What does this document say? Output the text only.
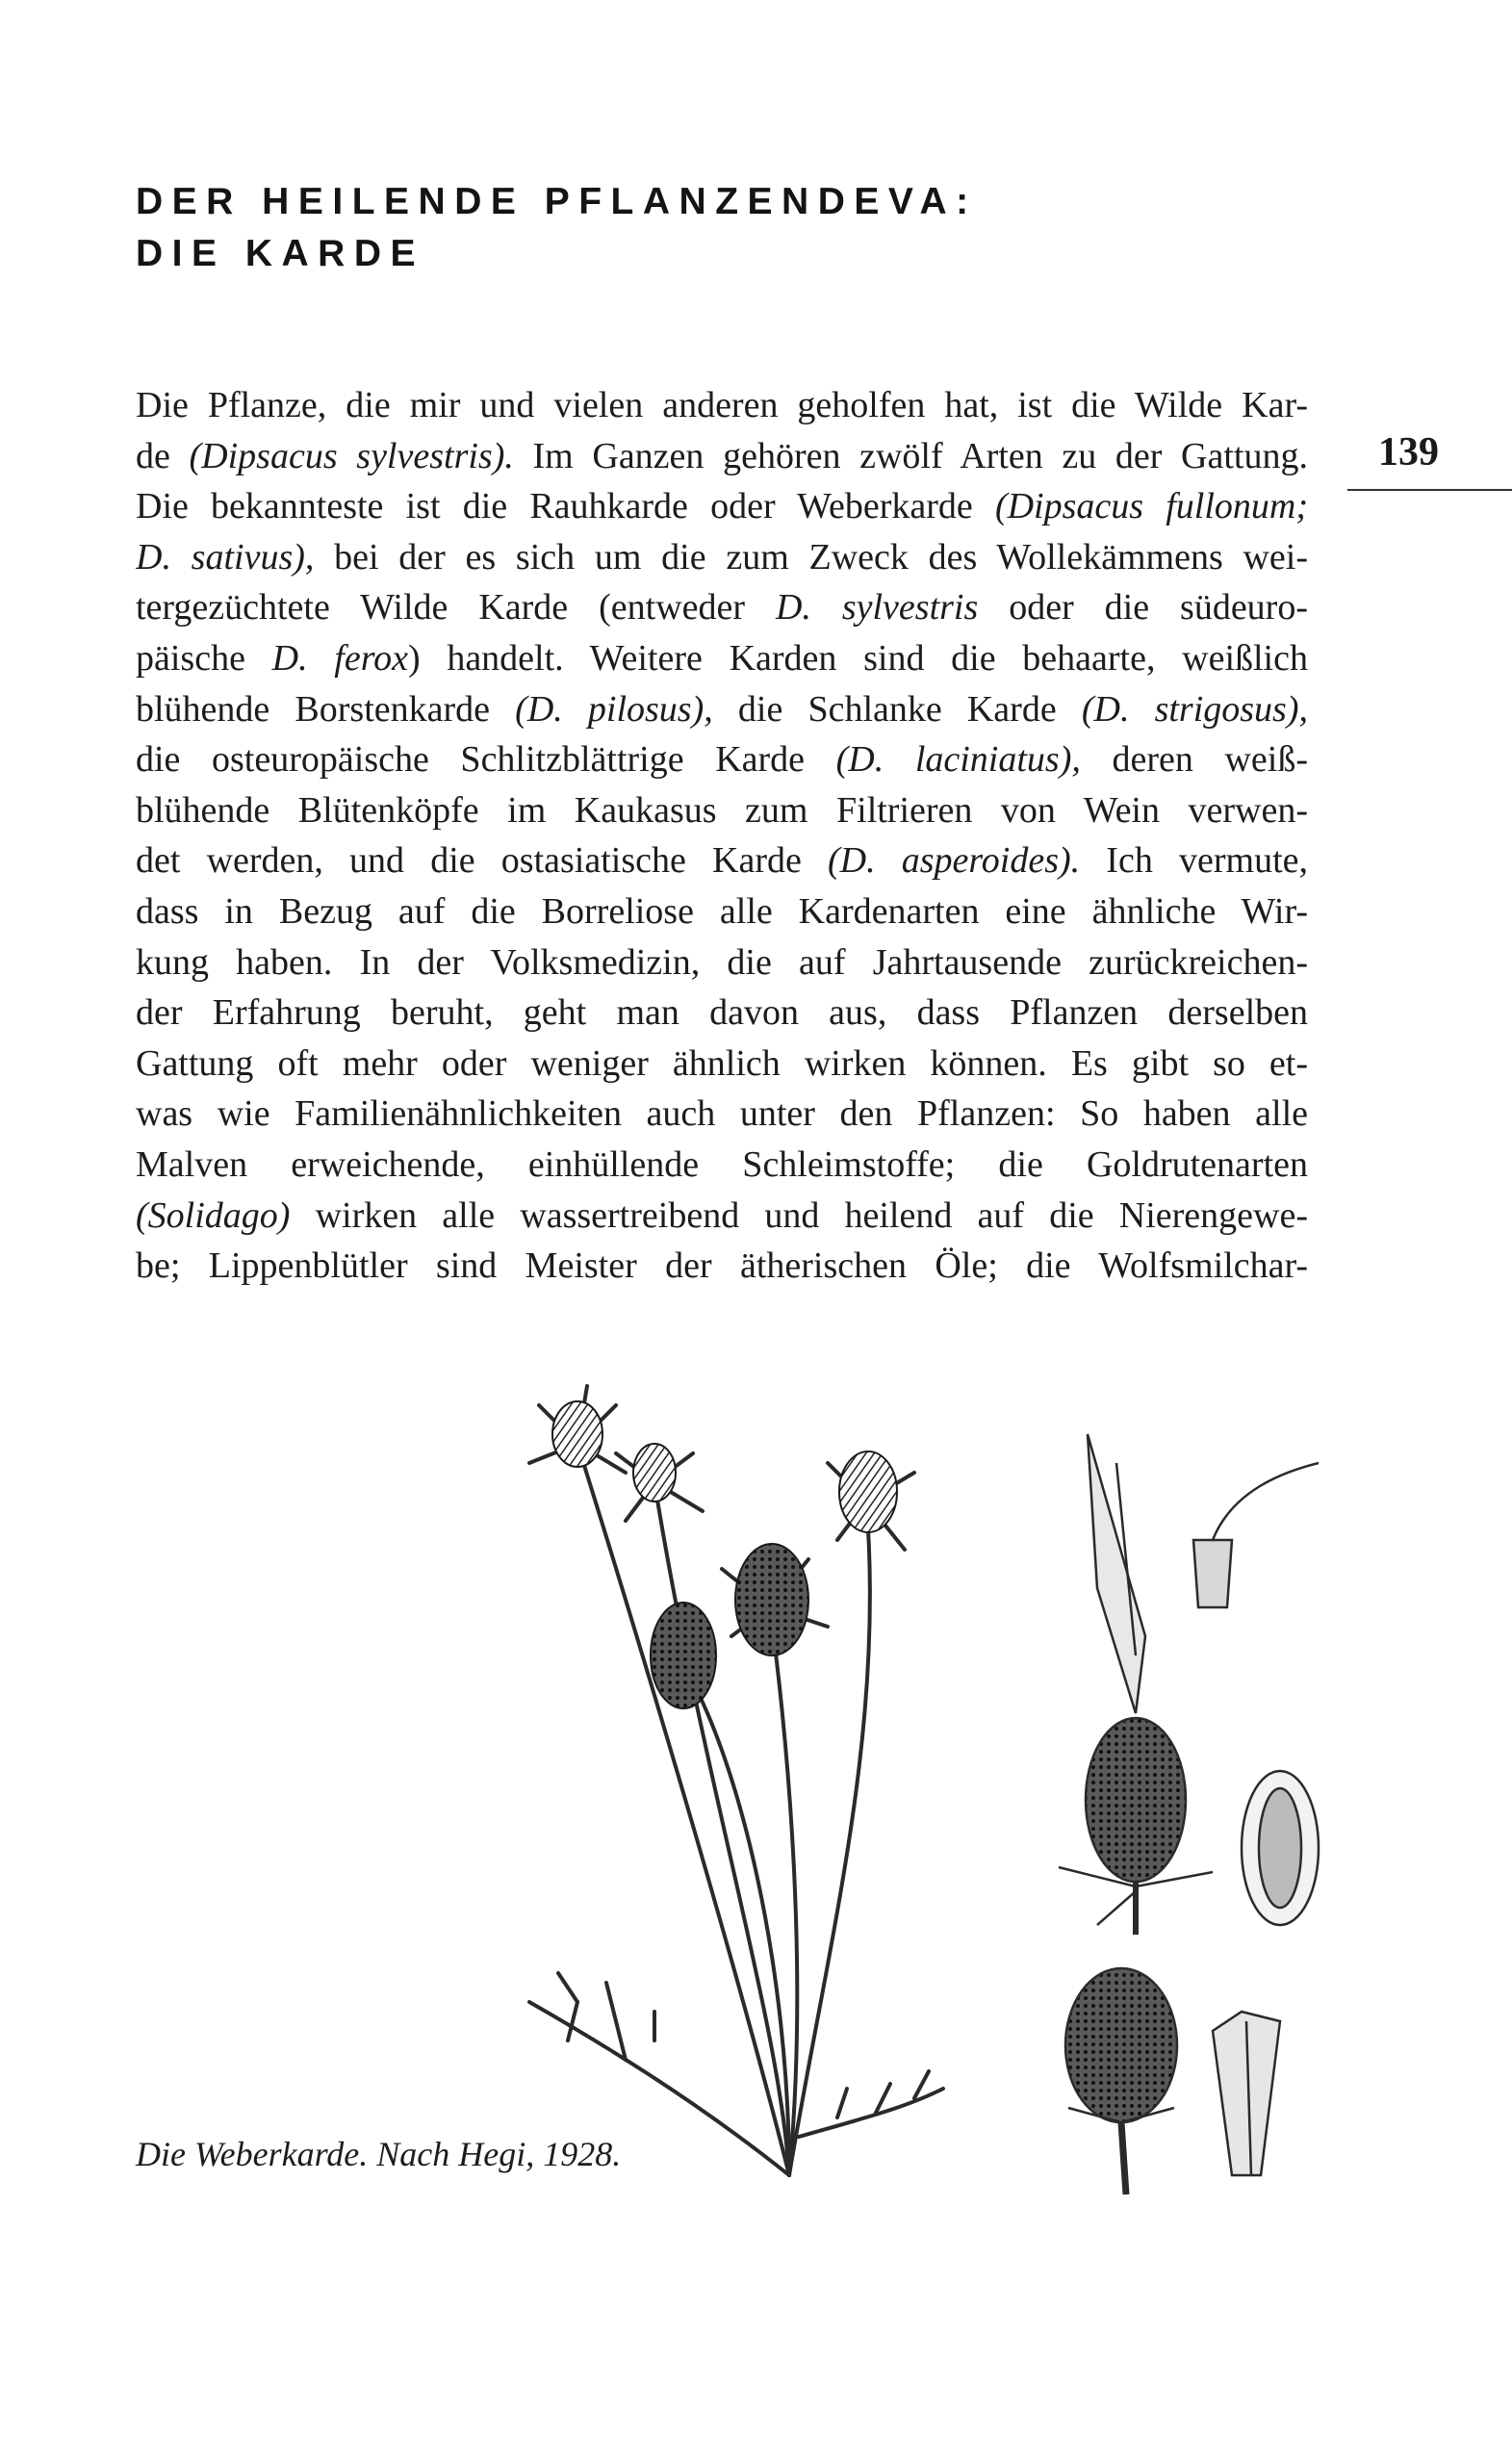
DER HEILENDE PFLANZENDEVA:
DIE KARDE
139
Die Pflanze, die mir und vielen anderen geholfen hat, ist die Wilde Kar-
de (Dipsacus sylvestris). Im Ganzen gehören zwölf Arten zu der Gattung.
Die bekannteste ist die Rauhkarde oder Weberkarde (Dipsacus fullonum;
D. sativus), bei der es sich um die zum Zweck des Wollekämmens wei-
tergezüchtete Wilde Karde (entweder D. sylvestris oder die südeuro-
päische D. ferox) handelt. Weitere Karden sind die behaarte, weißlich
blühende Borstenkarde (D. pilosus), die Schlanke Karde (D. strigosus),
die osteuropäische Schlitzblättrige Karde (D. laciniatus), deren weiß-
blühende Blütenköpfe im Kaukasus zum Filtrieren von Wein verwen-
det werden, und die ostasiatische Karde (D. asperoides). Ich vermute,
dass in Bezug auf die Borreliose alle Kardenarten eine ähnliche Wir-
kung haben. In der Volksmedizin, die auf Jahrtausende zurückreichen-
der Erfahrung beruht, geht man davon aus, dass Pflanzen derselben
Gattung oft mehr oder weniger ähnlich wirken können. Es gibt so et-
was wie Familienähnlichkeiten auch unter den Pflanzen: So haben alle
Malven erweichende, einhüllende Schleimstoffe; die Goldrutenarten
(Solidago) wirken alle wassertreibend und heilend auf die Nierengewe-
be; Lippenblütler sind Meister der ätherischen Öle; die Wolfsmilchar-
Die Weberkarde. Nach Hegi, 1928.
